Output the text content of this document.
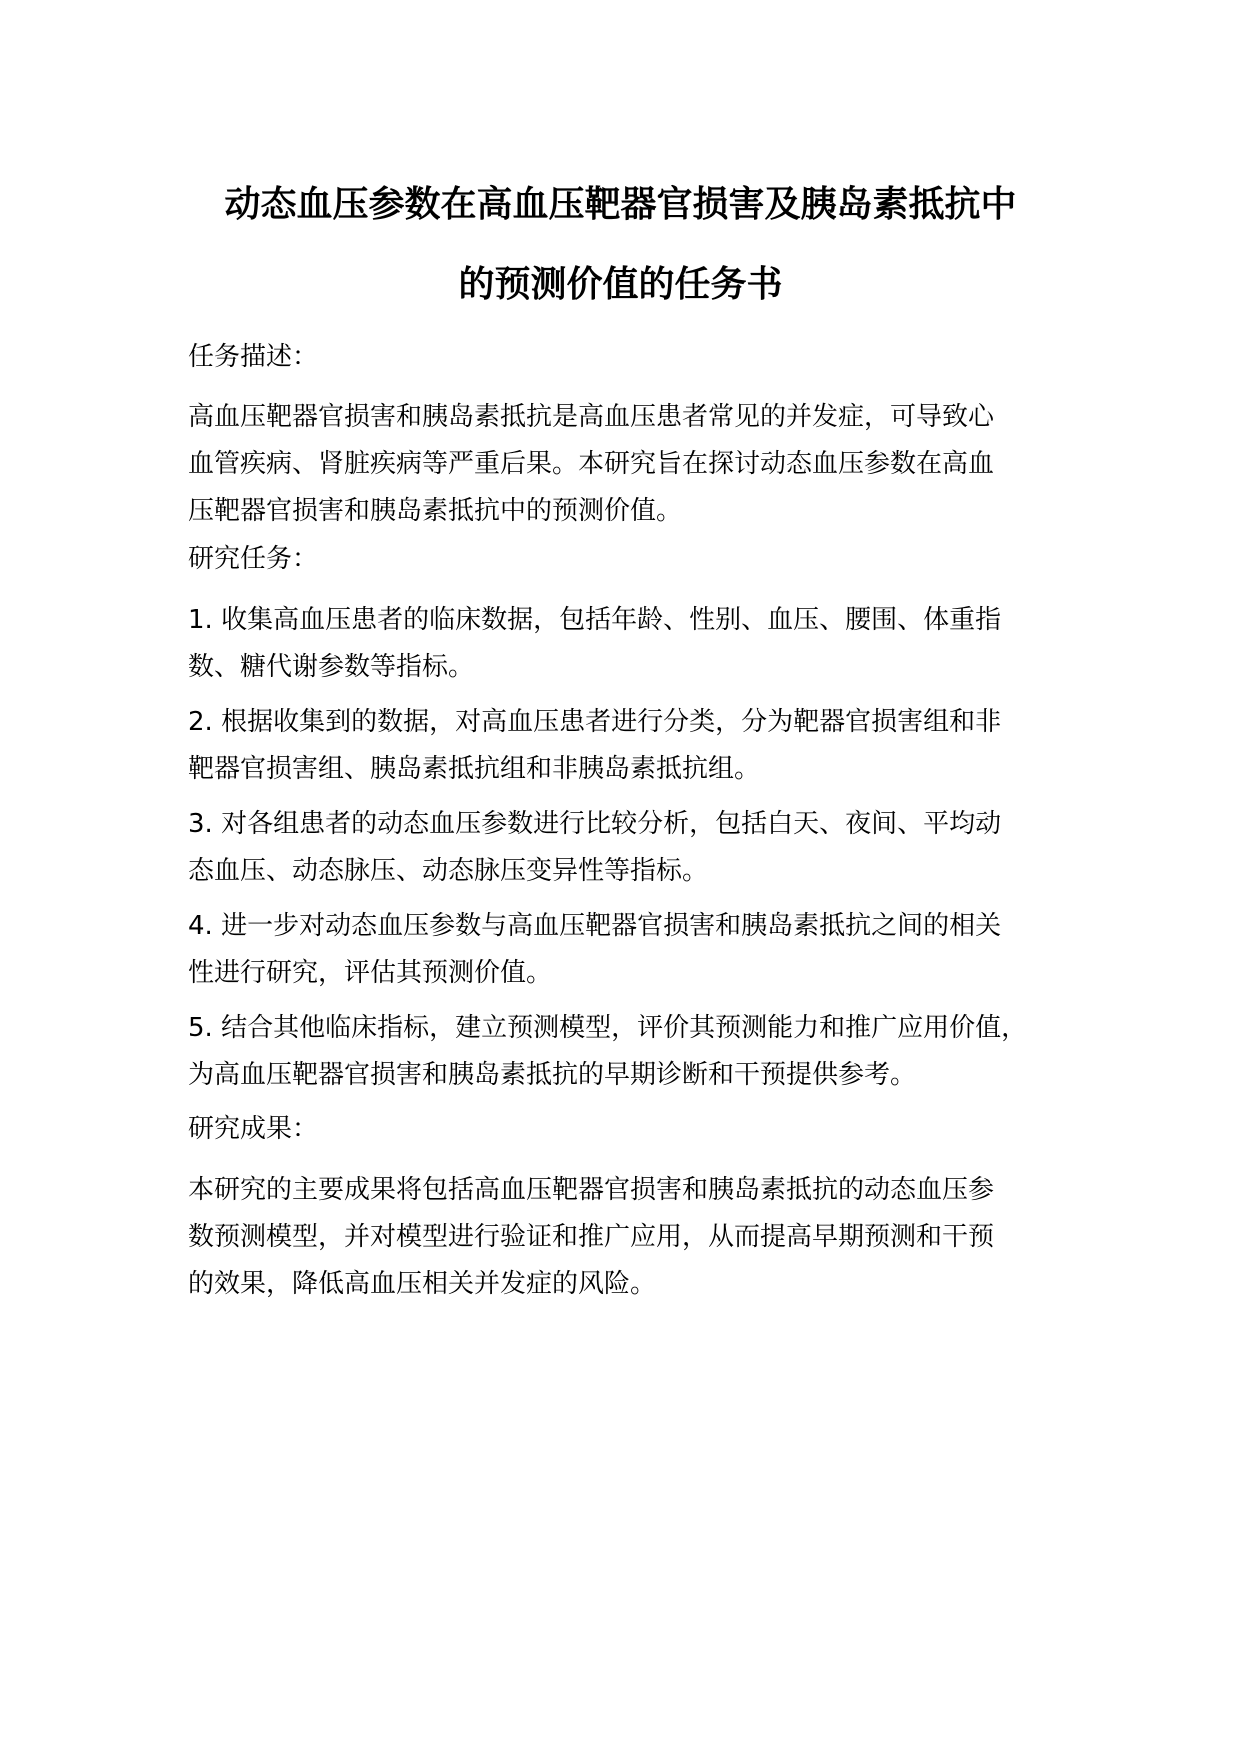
动态血压参数在高血压靶器官损害及胰岛素抵抗中
的预测价值的任务书
任务描述：
高血压靶器官损害和胰岛素抵抗是高血压患者常见的并发症，可导致心
血管疾病、肾脏疾病等严重后果。本研究旨在探讨动态血压参数在高血
压靶器官损害和胰岛素抵抗中的预测价值。
研究任务：
1. 收集高血压患者的临床数据，包括年龄、性别、血压、腰围、体重指
数、糖代谢参数等指标。
2. 根据收集到的数据，对高血压患者进行分类，分为靶器官损害组和非
靶器官损害组、胰岛素抵抗组和非胰岛素抵抗组。
3. 对各组患者的动态血压参数进行比较分析，包括白天、夜间、平均动
态血压、动态脉压、动态脉压变异性等指标。
4. 进一步对动态血压参数与高血压靶器官损害和胰岛素抵抗之间的相关
性进行研究，评估其预测价值。
5. 结合其他临床指标，建立预测模型，评价其预测能力和推广应用价值，
为高血压靶器官损害和胰岛素抵抗的早期诊断和干预提供参考。
研究成果：
本研究的主要成果将包括高血压靶器官损害和胰岛素抵抗的动态血压参
数预测模型，并对模型进行验证和推广应用，从而提高早期预测和干预
的效果，降低高血压相关并发症的风险。
